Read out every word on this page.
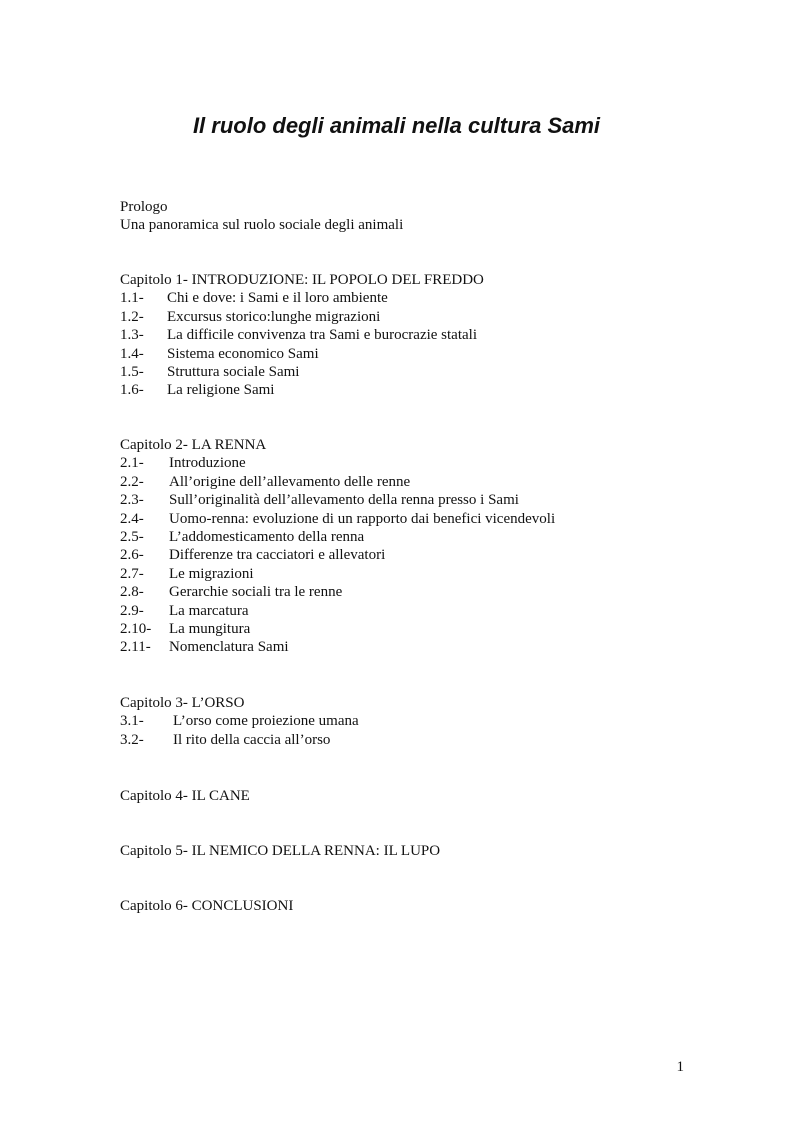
Il ruolo degli animali nella cultura Sami
Prologo
Una panoramica sul ruolo sociale degli animali
Capitolo 1- INTRODUZIONE: IL POPOLO DEL FREDDO
1.1- Chi e dove: i Sami e il loro ambiente
1.2- Excursus storico:lunghe migrazioni
1.3- La difficile convivenza tra Sami e burocrazie statali
1.4- Sistema economico Sami
1.5- Struttura sociale Sami
1.6- La religione Sami
Capitolo 2- LA RENNA
2.1- Introduzione
2.2- All’origine dell’allevamento delle renne
2.3- Sull’originalità dell’allevamento della renna presso i Sami
2.4- Uomo-renna: evoluzione di un rapporto dai benefici vicendevoli
2.5- L’addomesticamento della renna
2.6- Differenze tra cacciatori e allevatori
2.7- Le migrazioni
2.8- Gerarchie sociali tra le renne
2.9- La marcatura
2.10- La mungitura
2.11- Nomenclatura Sami
Capitolo 3- L’ORSO
3.1- L’orso come proiezione umana
3.2- Il rito della caccia all’orso
Capitolo 4- IL CANE
Capitolo 5- IL NEMICO DELLA RENNA: IL LUPO
Capitolo 6- CONCLUSIONI
1
